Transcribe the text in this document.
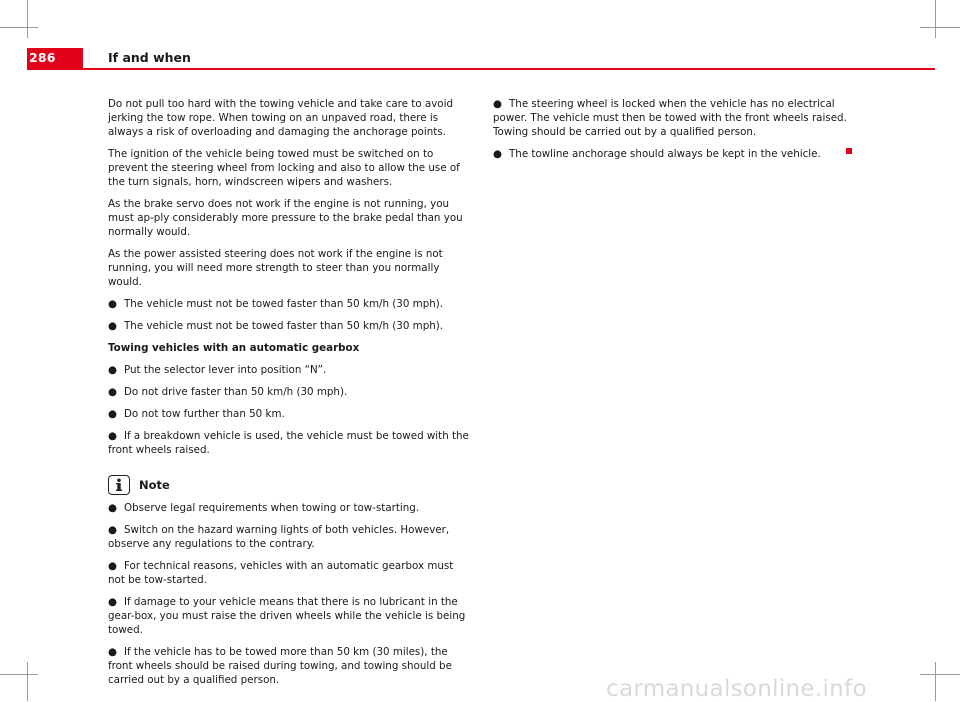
286	If and when

Do not pull too hard with the towing vehicle and take care to avoid jerking the tow rope. When towing on an unpaved road, there is always a risk of overloading and damaging the anchorage points.

The ignition of the vehicle being towed must be switched on to prevent the steering wheel from locking and also to allow the use of the turn signals, horn, windscreen wipers and washers.

As the brake servo does not work if the engine is not running, you must ap-ply considerably more pressure to the brake pedal than you normally would.

As the power assisted steering does not work if the engine is not running, you will need more strength to steer than you normally would.

● The vehicle must not be towed faster than 50 km/h (30 mph).
● The vehicle must not be towed faster than 50 km/h (30 mph).
Towing vehicles with an automatic gearbox
● Put the selector lever into position “N”.
● Do not drive faster than 50 km/h (30 mph).
● Do not tow further than 50 km.
● If a breakdown vehicle is used, the vehicle must be towed with the front wheels raised.
Note
● Observe legal requirements when towing or tow-starting.
● Switch on the hazard warning lights of both vehicles. However, observe any regulations to the contrary.
● For technical reasons, vehicles with an automatic gearbox must not be tow-started.
● If damage to your vehicle means that there is no lubricant in the gear-box, you must raise the driven wheels while the vehicle is being towed.
● If the vehicle has to be towed more than 50 km (30 miles), the front wheels should be raised during towing, and towing should be carried out by a qualified person.
● The steering wheel is locked when the vehicle has no electrical power. The vehicle must then be towed with the front wheels raised. Towing should be carried out by a qualified person.
● The towline anchorage should always be kept in the vehicle.
carmanualsonline.info
